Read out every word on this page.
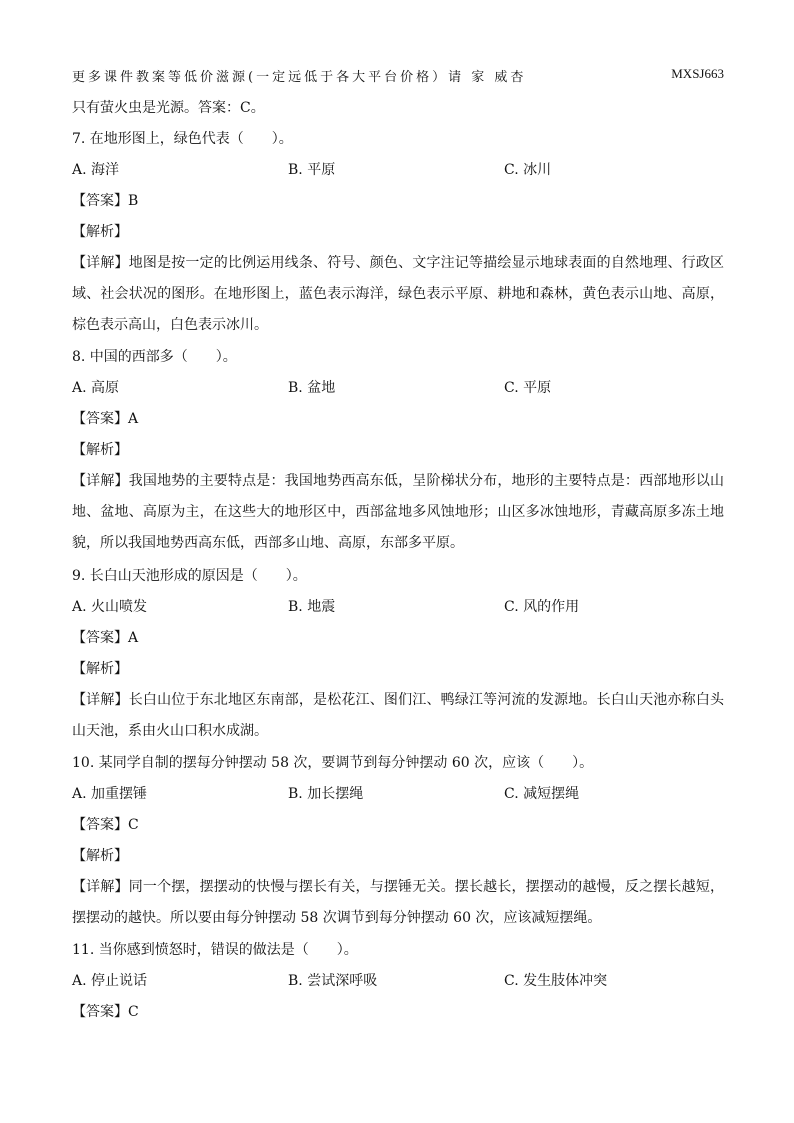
更多课件教案等低价滋源(一定远低于各大平台价格）请 家 威杏	MXSJ663
只有萤火虫是光源。答案：C。
7. 在地形图上，绿色代表（　　）。
A. 海洋	B. 平原	C. 冰川
【答案】B
【解析】
【详解】地图是按一定的比例运用线条、符号、颜色、文字注记等描绘显示地球表面的自然地理、行政区域、社会状况的图形。在地形图上，蓝色表示海洋，绿色表示平原、耕地和森林，黄色表示山地、高原，棕色表示高山，白色表示冰川。
8. 中国的西部多（　　）。
A. 高原	B. 盆地	C. 平原
【答案】A
【解析】
【详解】我国地势的主要特点是：我国地势西高东低，呈阶梯状分布，地形的主要特点是：西部地形以山地、盆地、高原为主，在这些大的地形区中，西部盆地多风蚀地形；山区多冰蚀地形，青藏高原多冻土地貌，所以我国地势西高东低，西部多山地、高原，东部多平原。
9. 长白山天池形成的原因是（　　）。
A. 火山喷发	B. 地震	C. 风的作用
【答案】A
【解析】
【详解】长白山位于东北地区东南部，是松花江、图们江、鸭绿江等河流的发源地。长白山天池亦称白头山天池，系由火山口积水成湖。
10. 某同学自制的摆每分钟摆动 58 次，要调节到每分钟摆动 60 次，应该（　　）。
A. 加重摆锤	B. 加长摆绳	C. 减短摆绳
【答案】C
【解析】
【详解】同一个摆，摆摆动的快慢与摆长有关，与摆锤无关。摆长越长，摆摆动的越慢，反之摆长越短，摆摆动的越快。所以要由每分钟摆动 58 次调节到每分钟摆动 60 次，应该减短摆绳。
11. 当你感到愤怒时，错误的做法是（　　）。
A. 停止说话	B. 尝试深呼吸	C. 发生肢体冲突
【答案】C
